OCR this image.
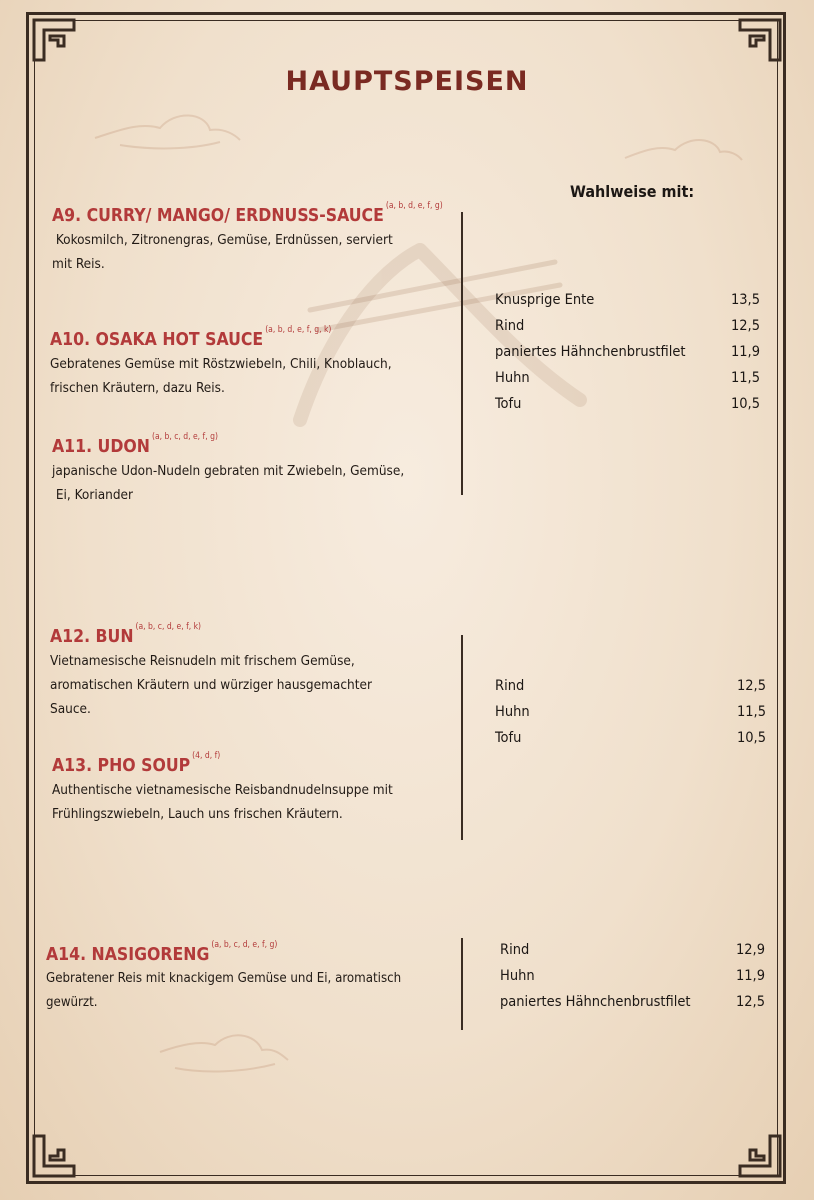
HAUPTSPEISEN
Wahlweise mit:
A9. CURRY/ MANGO/ ERDNUSS-SAUCE $^{(a, b, d, e, f, g)}$
Kokosmilch, Zitronengras, Gemüse, Erdnüssen, serviert
mit Reis.
A10. OSAKA HOT SAUCE $^{(a, b, d, e, f, g, k)}$
Gebratenes Gemüse mit Röstzwiebeln, Chili, Knoblauch,
frischen Kräutern, dazu Reis.
A11. UDON $^{(a, b, c, d, e, f, g)}$
japanische Udon-Nudeln gebraten mit Zwiebeln, Gemüse,
Ei, Koriander
A12. BUN $^{(a, b, c, d, e, f, k)}$
Vietnamesische Reisnudeln mit frischem Gemüse,
aromatischen Kräutern und würziger hausgemachter
Sauce.
A13. PHO SOUP $^{(4, d, f)}$
Authentische vietnamesische Reisbandnudelnsuppe mit
Frühlingszwiebeln, Lauch uns frischen Kräutern.
A14. NASIGORENG $^{(a, b, c, d, e, f, g)}$
Gebratener Reis mit knackigem Gemüse und Ei, aromatisch
gewürzt.
Knusprige Ente	13,5
Rind	12,5
paniertes Hähnchenbrustfilet	11,9
Huhn	11,5
Tofu	10,5
Rind	12,5
Huhn	11,5
Tofu	10,5
Rind	12,9
Huhn	11,9
paniertes Hähnchenbrustfilet	12,5
